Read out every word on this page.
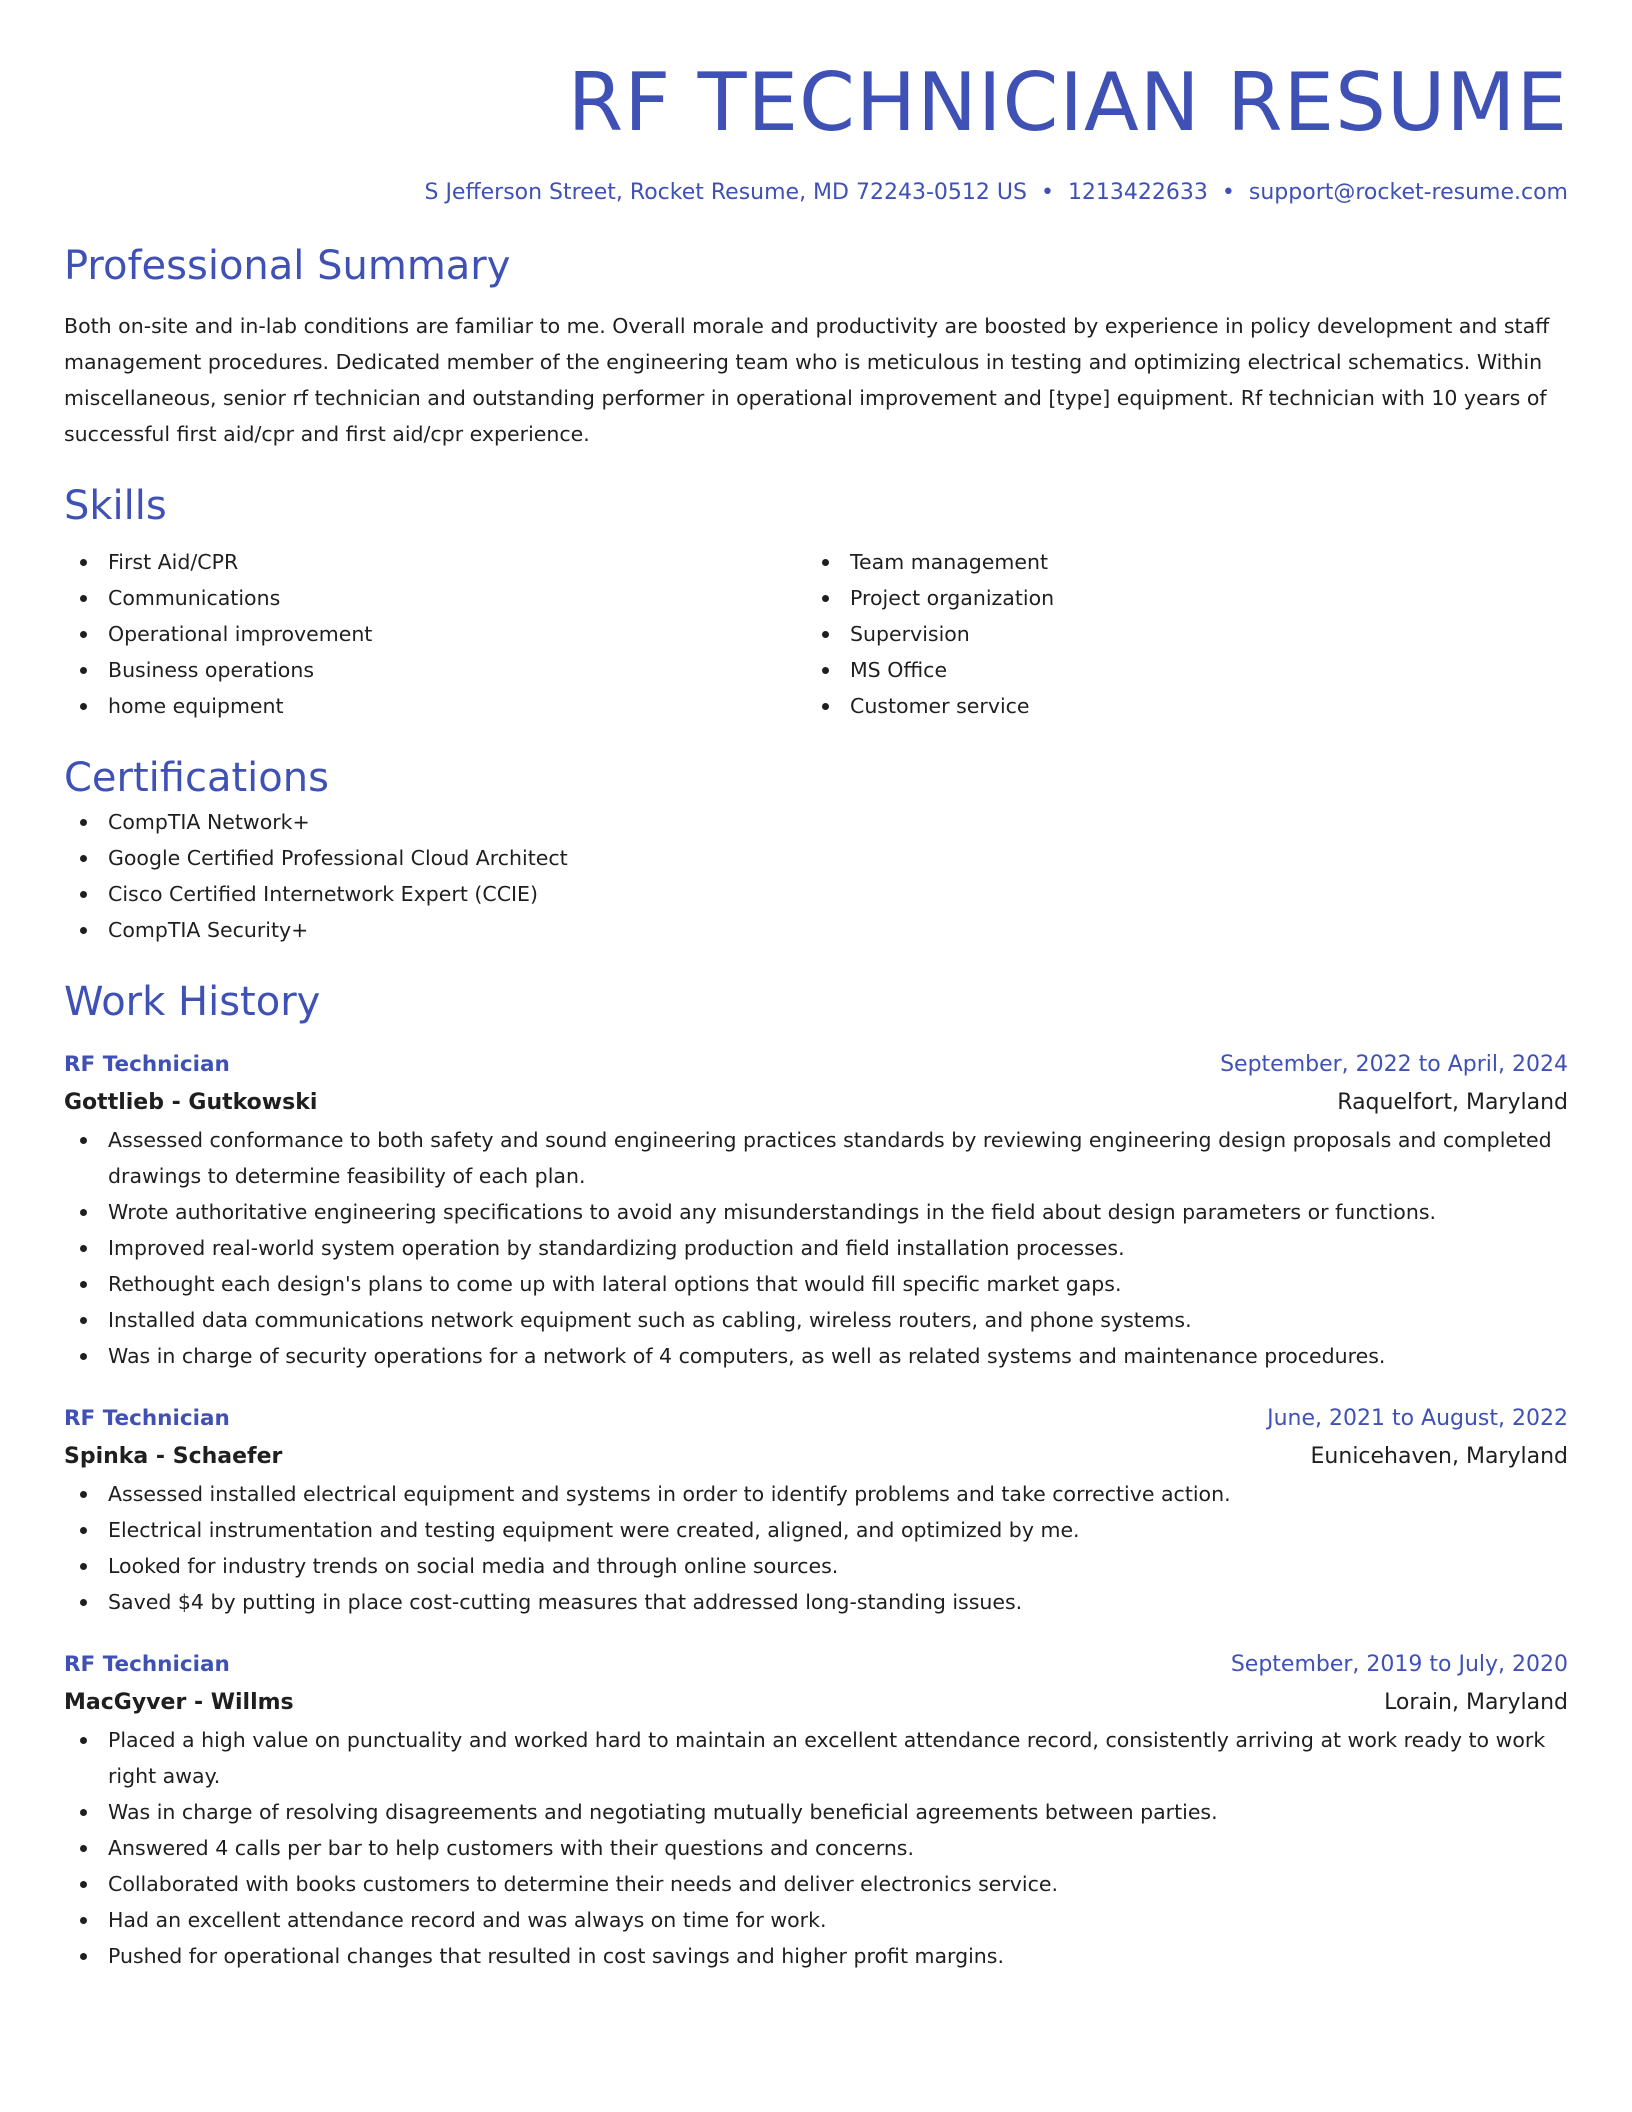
RF TECHNICIAN RESUME
S Jefferson Street, Rocket Resume, MD 72243-0512 US • 1213422633 • support@rocket-resume.com
Professional Summary

Both on-site and in-lab conditions are familiar to me. Overall morale and productivity are boosted by experience in policy development and staff management procedures. Dedicated member of the engineering team who is meticulous in testing and optimizing electrical schematics. Within miscellaneous, senior rf technician and outstanding performer in operational improvement and [type] equipment. Rf technician with 10 years of successful first aid/cpr and first aid/cpr experience.

Skills
First Aid/CPR
Communications
Operational improvement
Business operations
home equipment
Team management
Project organization
Supervision
MS Office
Customer service
Certifications
CompTIA Network+
Google Certified Professional Cloud Architect
Cisco Certified Internetwork Expert (CCIE)
CompTIA Security+
Work History
RF Technician	September, 2022 to April, 2024
Gottlieb - Gutkowski	Raquelfort, Maryland
Assessed conformance to both safety and sound engineering practices standards by reviewing engineering design proposals and completed drawings to determine feasibility of each plan.
Wrote authoritative engineering specifications to avoid any misunderstandings in the field about design parameters or functions.
Improved real-world system operation by standardizing production and field installation processes.
Rethought each design's plans to come up with lateral options that would fill specific market gaps.
Installed data communications network equipment such as cabling, wireless routers, and phone systems.
Was in charge of security operations for a network of 4 computers, as well as related systems and maintenance procedures.
RF Technician	June, 2021 to August, 2022
Spinka - Schaefer	Eunicehaven, Maryland
Assessed installed electrical equipment and systems in order to identify problems and take corrective action.
Electrical instrumentation and testing equipment were created, aligned, and optimized by me.
Looked for industry trends on social media and through online sources.
Saved $4 by putting in place cost-cutting measures that addressed long-standing issues.
RF Technician	September, 2019 to July, 2020
MacGyver - Willms	Lorain, Maryland
Placed a high value on punctuality and worked hard to maintain an excellent attendance record, consistently arriving at work ready to work right away.
Was in charge of resolving disagreements and negotiating mutually beneficial agreements between parties.
Answered 4 calls per bar to help customers with their questions and concerns.
Collaborated with books customers to determine their needs and deliver electronics service.
Had an excellent attendance record and was always on time for work.
Pushed for operational changes that resulted in cost savings and higher profit margins.
